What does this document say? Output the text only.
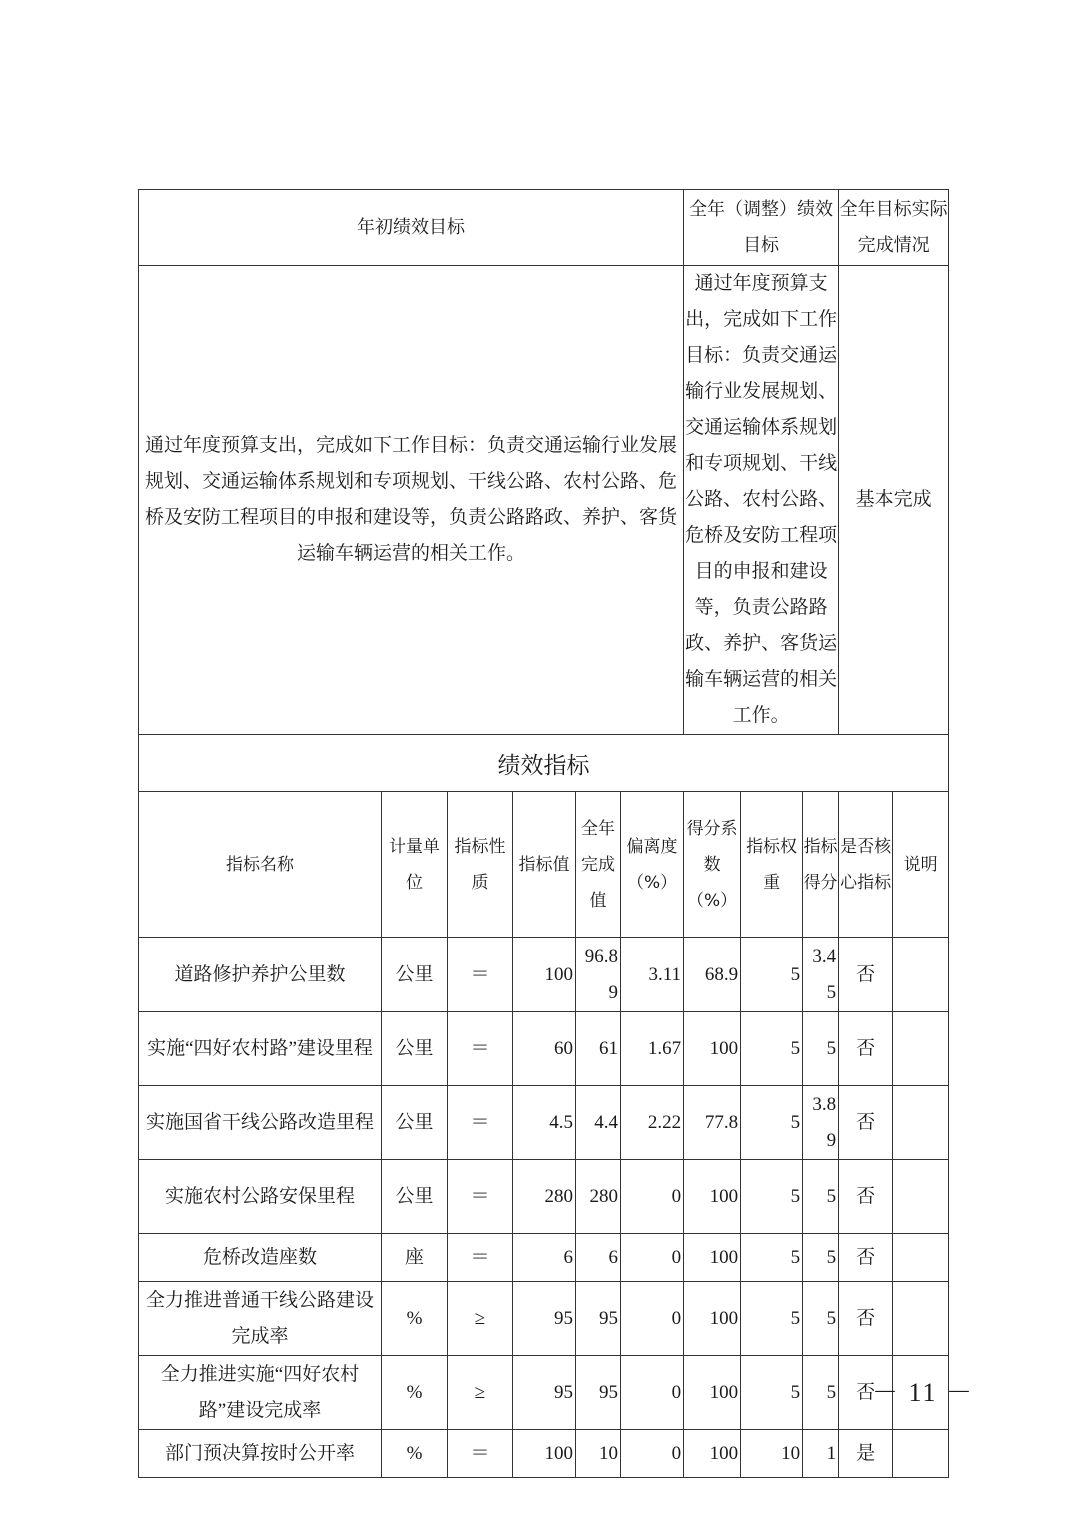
年初绩效目标						全年（调整）绩效目标			全年目标实际完成情况	
通过年度预算支出，完成如下工作目标：负责交通运输行业发展规划、交通运输体系规划和专项规划、干线公路、农村公路、危桥及安防工程项目的申报和建设等，负责公路路政、养护、客货运输车辆运营的相关工作。						通过年度预算支出，完成如下工作目标：负责交通运输行业发展规划、交通运输体系规划和专项规划、干线公路、农村公路、危桥及安防工程项目的申报和建设等，负责公路路政、养护、客货运输车辆运营的相关工作。			基本完成	
绩效指标										
指标名称	计量单位	指标性质	指标值	全年完成值	偏离度（%）	得分系数（%）	指标权重	指标得分	是否核心指标	说明
道路修护养护公里数	公里	＝	100	96.89	3.11	68.9	5	3.45	否	
实施“四好农村路”建设里程	公里	＝	60	61	1.67	100	5	5	否	
实施国省干线公路改造里程	公里	＝	4.5	4.4	2.22	77.8	5	3.89	否	
实施农村公路安保里程	公里	＝	280	280	0	100	5	5	否	
危桥改造座数	座	＝	6	6	0	100	5	5	否	
全力推进普通干线公路建设完成率	%	≥	95	95	0	100	5	5	否	
全力推进实施“四好农村路”建设完成率	%	≥	95	95	0	100	5	5	否	
部门预决算按时公开率	%	＝	100	10	0	100	10	1	是	
－ 11 －
